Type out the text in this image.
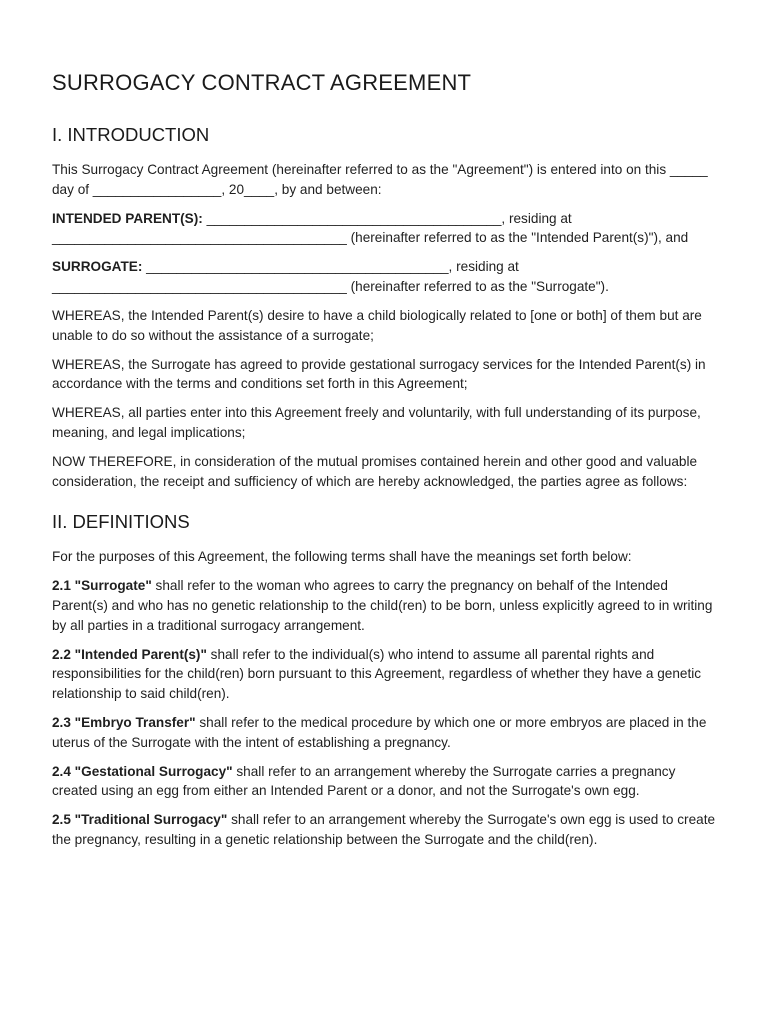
SURROGACY CONTRACT AGREEMENT
I. INTRODUCTION

This Surrogacy Contract Agreement (hereinafter referred to as the "Agreement") is entered into on this _____ day of _________________, 20____, by and between:

INTENDED PARENT(S): _______________________________________, residing at _______________________________________ (hereinafter referred to as the "Intended Parent(s)"), and

SURROGATE: ________________________________________, residing at _______________________________________ (hereinafter referred to as the "Surrogate").

WHEREAS, the Intended Parent(s) desire to have a child biologically related to [one or both] of them but are unable to do so without the assistance of a surrogate;

WHEREAS, the Surrogate has agreed to provide gestational surrogacy services for the Intended Parent(s) in accordance with the terms and conditions set forth in this Agreement;

WHEREAS, all parties enter into this Agreement freely and voluntarily, with full understanding of its purpose, meaning, and legal implications;

NOW THEREFORE, in consideration of the mutual promises contained herein and other good and valuable consideration, the receipt and sufficiency of which are hereby acknowledged, the parties agree as follows:

II. DEFINITIONS

For the purposes of this Agreement, the following terms shall have the meanings set forth below:

2.1 "Surrogate" shall refer to the woman who agrees to carry the pregnancy on behalf of the Intended Parent(s) and who has no genetic relationship to the child(ren) to be born, unless explicitly agreed to in writing by all parties in a traditional surrogacy arrangement.

2.2 "Intended Parent(s)" shall refer to the individual(s) who intend to assume all parental rights and responsibilities for the child(ren) born pursuant to this Agreement, regardless of whether they have a genetic relationship to said child(ren).

2.3 "Embryo Transfer" shall refer to the medical procedure by which one or more embryos are placed in the uterus of the Surrogate with the intent of establishing a pregnancy.

2.4 "Gestational Surrogacy" shall refer to an arrangement whereby the Surrogate carries a pregnancy created using an egg from either an Intended Parent or a donor, and not the Surrogate's own egg.

2.5 "Traditional Surrogacy" shall refer to an arrangement whereby the Surrogate's own egg is used to create the pregnancy, resulting in a genetic relationship between the Surrogate and the child(ren).
